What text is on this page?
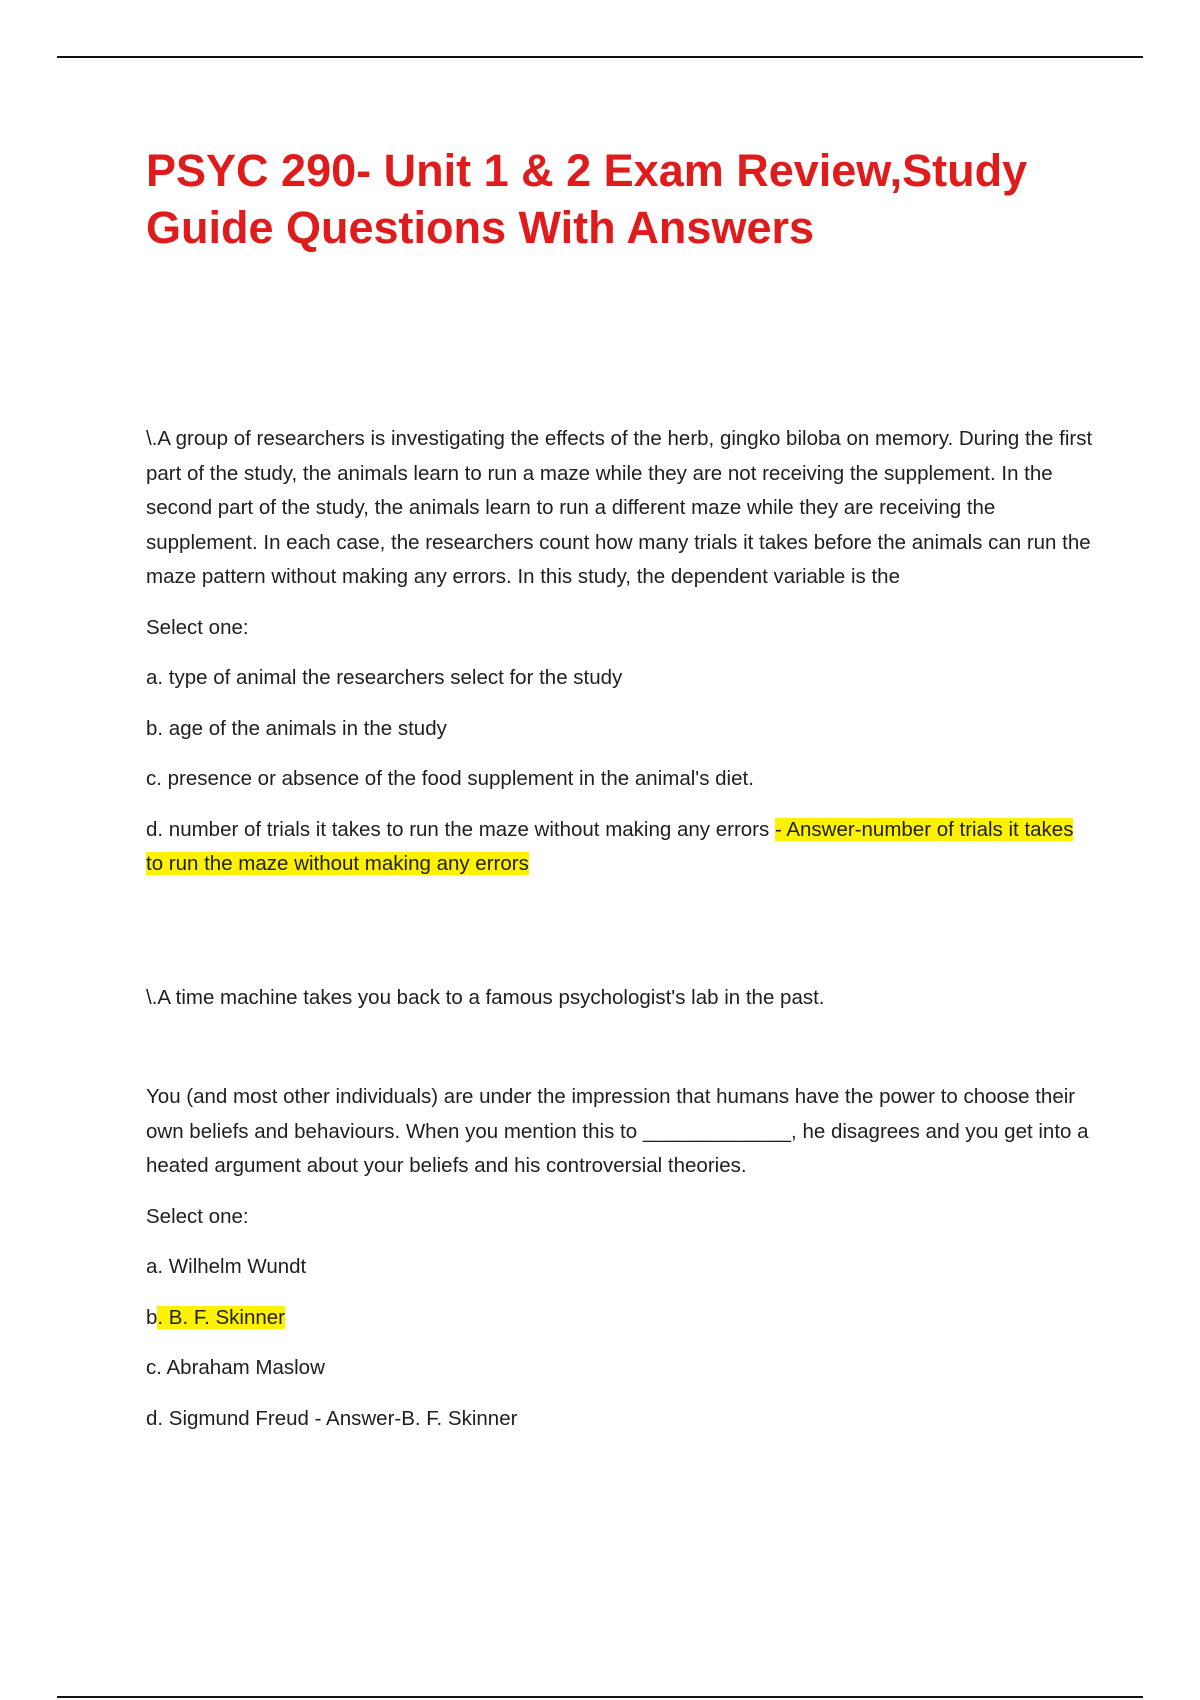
PSYC 290- Unit 1 & 2 Exam Review,Study Guide Questions With Answers

\.A group of researchers is investigating the effects of the herb, gingko biloba on memory. During the first part of the study, the animals learn to run a maze while they are not receiving the supplement. In the second part of the study, the animals learn to run a different maze while they are receiving the supplement. In each case, the researchers count how many trials it takes before the animals can run the maze pattern without making any errors. In this study, the dependent variable is the

Select one:

a. type of animal the researchers select for the study

b. age of the animals in the study

c. presence or absence of the food supplement in the animal's diet.

d. number of trials it takes to run the maze without making any errors - Answer-number of trials it takes to run the maze without making any errors

\.A time machine takes you back to a famous psychologist's lab in the past.

You (and most other individuals) are under the impression that humans have the power to choose their own beliefs and behaviours. When you mention this to _____________, he disagrees and you get into a heated argument about your beliefs and his controversial theories.

Select one:

a. Wilhelm Wundt

b. B. F. Skinner

c. Abraham Maslow

d. Sigmund Freud - Answer-B. F. Skinner
